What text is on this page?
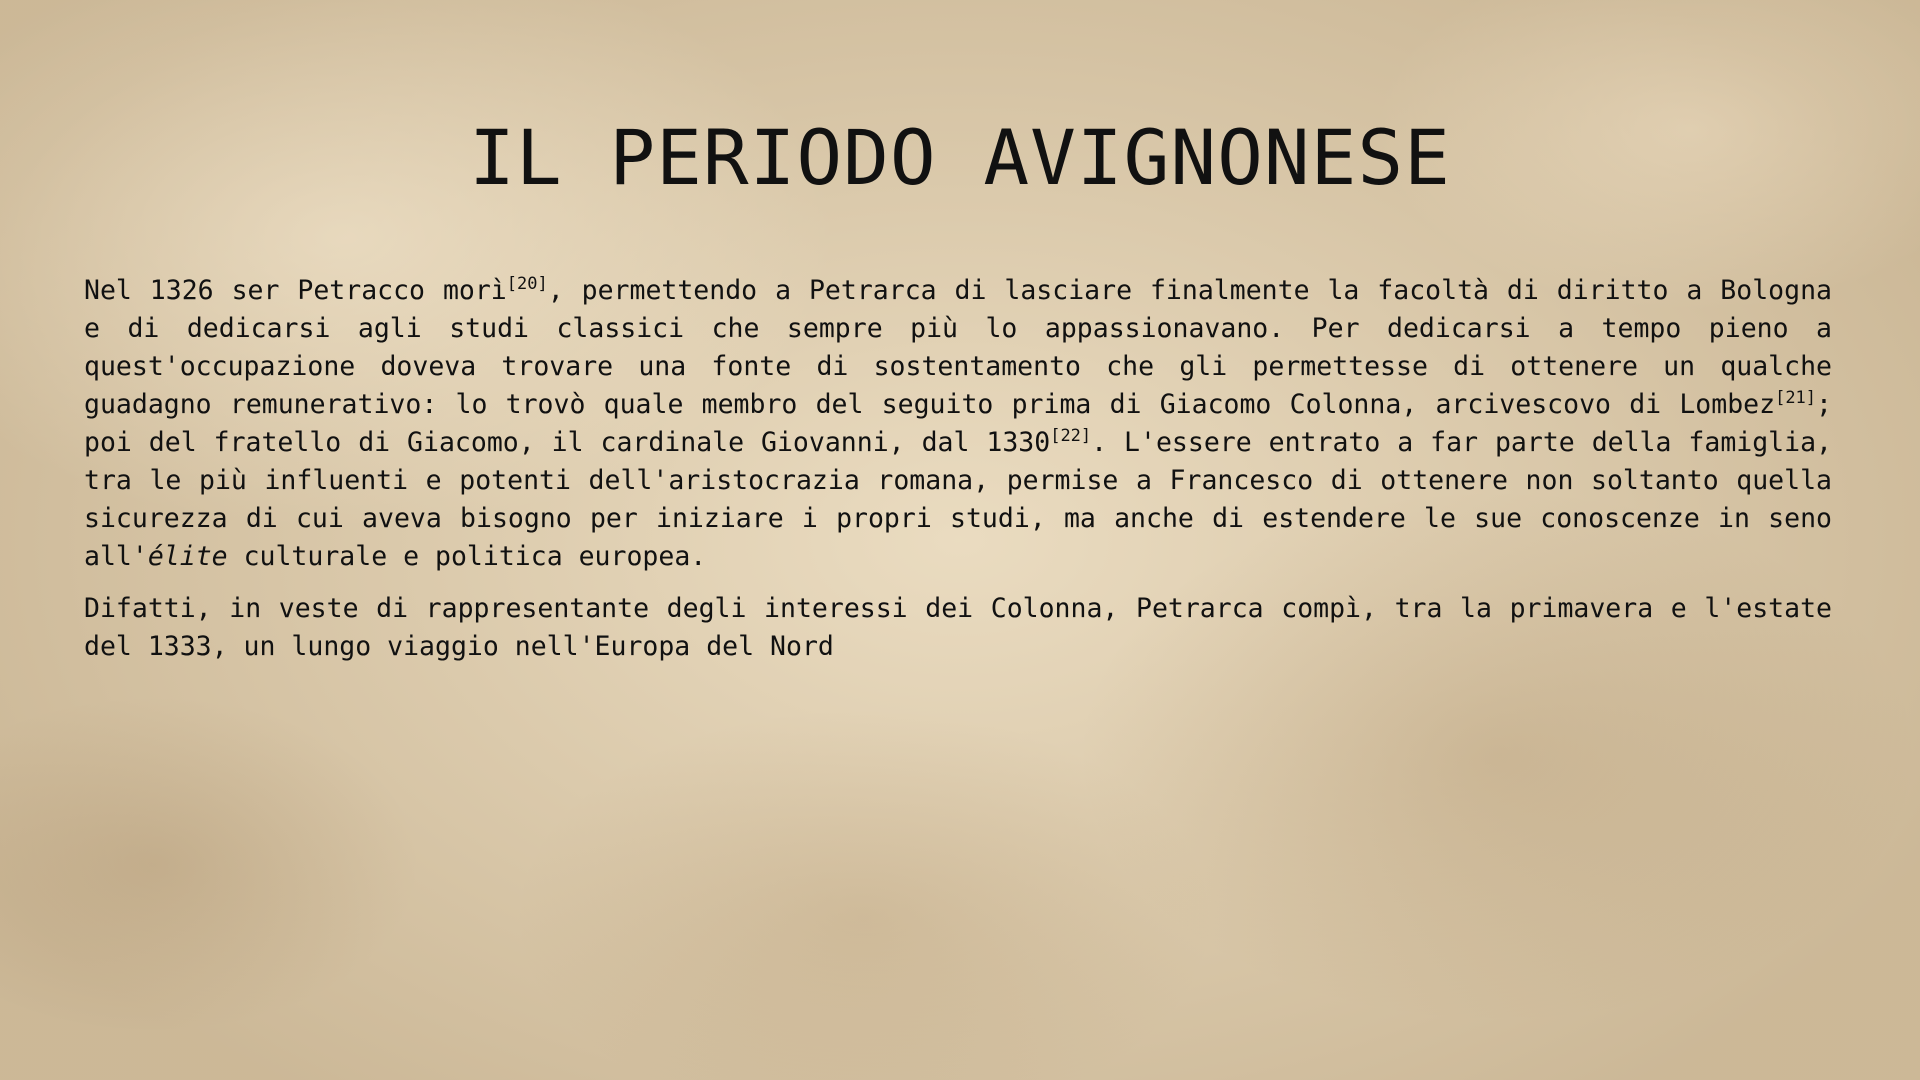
IL PERIODO AVIGNONESE

Nel 1326 ser Petracco morì[20], permettendo a Petrarca di lasciare finalmente la facoltà di diritto a Bologna e di dedicarsi agli studi classici che sempre più lo appassionavano. Per dedicarsi a tempo pieno a quest'occupazione doveva trovare una fonte di sostentamento che gli permettesse di ottenere un qualche guadagno remunerativo: lo trovò quale membro del seguito prima di Giacomo Colonna, arcivescovo di Lombez[21]; poi del fratello di Giacomo, il cardinale Giovanni, dal 1330[22]. L'essere entrato a far parte della famiglia, tra le più influenti e potenti dell'aristocrazia romana, permise a Francesco di ottenere non soltanto quella sicurezza di cui aveva bisogno per iniziare i propri studi, ma anche di estendere le sue conoscenze in seno all'élite culturale e politica europea.

Difatti, in veste di rappresentante degli interessi dei Colonna, Petrarca compì, tra la primavera e l'estate del 1333, un lungo viaggio nell'Europa del Nord
